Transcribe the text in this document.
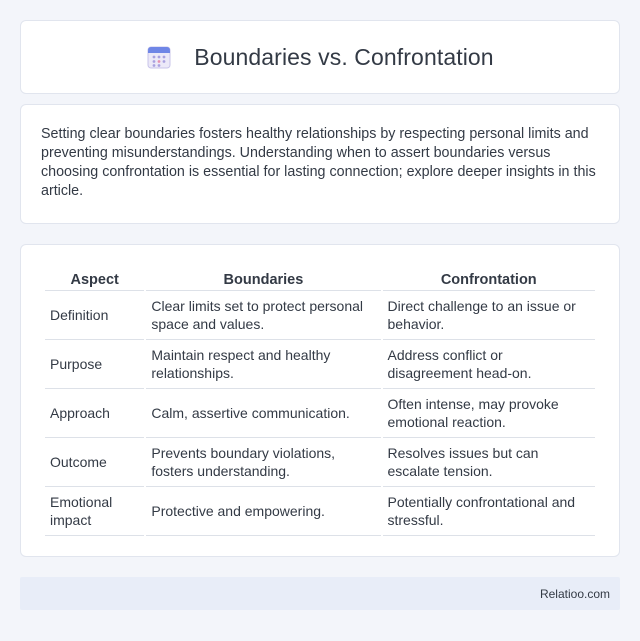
Boundaries vs. Confrontation

Setting clear boundaries fosters healthy relationships by respecting personal limits and preventing misunderstandings. Understanding when to assert boundaries versus choosing confrontation is essential for lasting connection; explore deeper insights in this article.

Aspect	Boundaries	Confrontation
Definition	Clear limits set to protect personal space and values.	Direct challenge to an issue or behavior.
Purpose	Maintain respect and healthy relationships.	Address conflict or disagreement head-on.
Approach	Calm, assertive communication.	Often intense, may provoke emotional reaction.
Outcome	Prevents boundary violations, fosters understanding.	Resolves issues but can escalate tension.
Emotional impact	Protective and empowering.	Potentially confrontational and stressful.
Relatioo.com
